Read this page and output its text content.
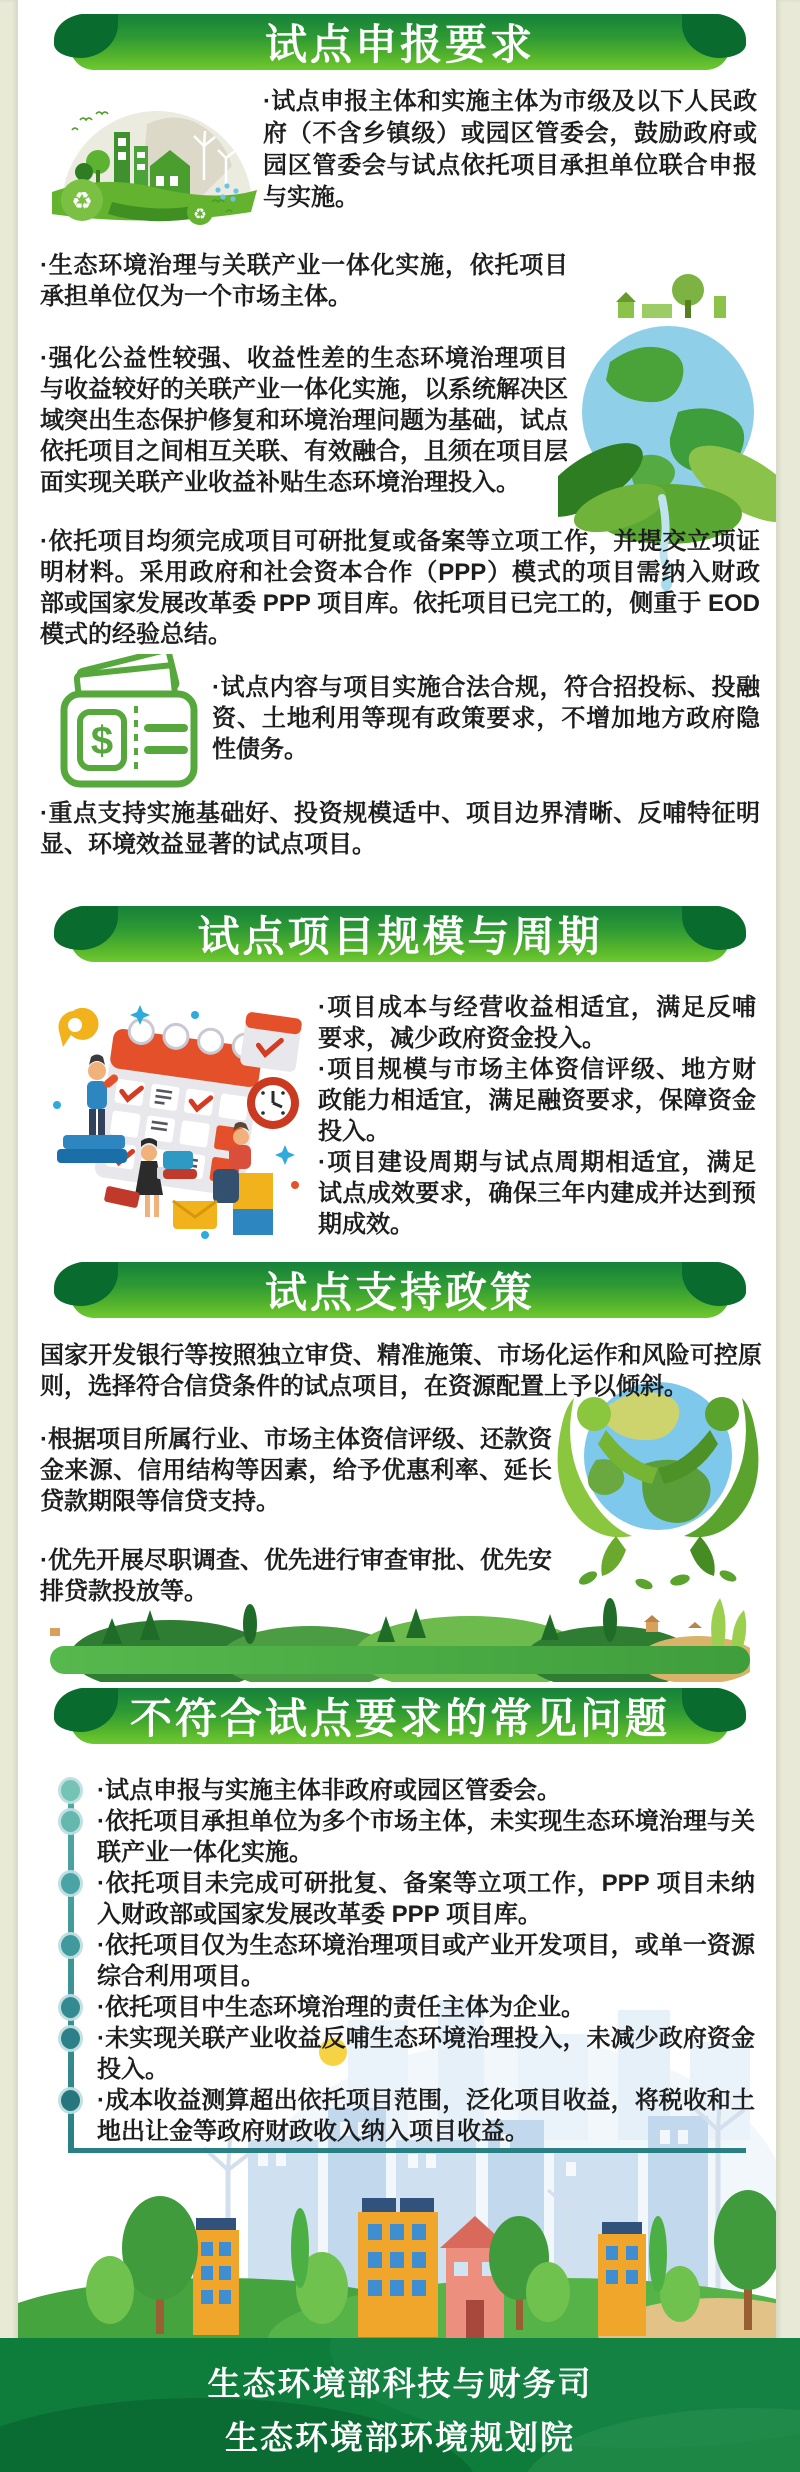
试点申报要求
♻	♻
·试点申报主体和实施主体为市级及以下人民政府（不含乡镇级）或园区管委会，鼓励政府或园区管委会与试点依托项目承担单位联合申报与实施。
·生态环境治理与关联产业一体化实施，依托项目承担单位仅为一个市场主体。
·强化公益性较强、收益性差的生态环境治理项目与收益较好的关联产业一体化实施，以系统解决区域突出生态保护修复和环境治理问题为基础，试点依托项目之间相互关联、有效融合，且须在项目层面实现关联产业收益补贴生态环境治理投入。
·依托项目均须完成项目可研批复或备案等立项工作，并提交立项证明材料。采用政府和社会资本合作（PPP）模式的项目需纳入财政部或国家发展改革委 PPP 项目库。依托项目已完工的，侧重于 EOD 模式的经验总结。
$
·试点内容与项目实施合法合规，符合招投标、投融资、土地利用等现有政策要求，不增加地方政府隐性债务。
·重点支持实施基础好、投资规模适中、项目边界清晰、反哺特征明显、环境效益显著的试点项目。
试点项目规模与周期
·项目成本与经营收益相适宜，满足反哺要求，减少政府资金投入。
·项目规模与市场主体资信评级、地方财政能力相适宜，满足融资要求，保障资金投入。
·项目建设周期与试点周期相适宜，满足试点成效要求，确保三年内建成并达到预期成效。
试点支持政策
国家开发银行等按照独立审贷、精准施策、市场化运作和风险可控原则，选择符合信贷条件的试点项目，在资源配置上予以倾斜。
·根据项目所属行业、市场主体资信评级、还款资金来源、信用结构等因素，给予优惠利率、延长贷款期限等信贷支持。
·优先开展尽职调查、优先进行审查审批、优先安排贷款投放等。
不符合试点要求的常见问题
·试点申报与实施主体非政府或园区管委会。
·依托项目承担单位为多个市场主体，未实现生态环境治理与关联产业一体化实施。
·依托项目未完成可研批复、备案等立项工作，PPP 项目未纳入财政部或国家发展改革委 PPP 项目库。
·依托项目仅为生态环境治理项目或产业开发项目，或单一资源综合利用项目。
·依托项目中生态环境治理的责任主体为企业。
·未实现关联产业收益反哺生态环境治理投入，未减少政府资金投入。
·成本收益测算超出依托项目范围，泛化项目收益，将税收和土地出让金等政府财政收入纳入项目收益。
生态环境部科技与财务司
生态环境部环境规划院
